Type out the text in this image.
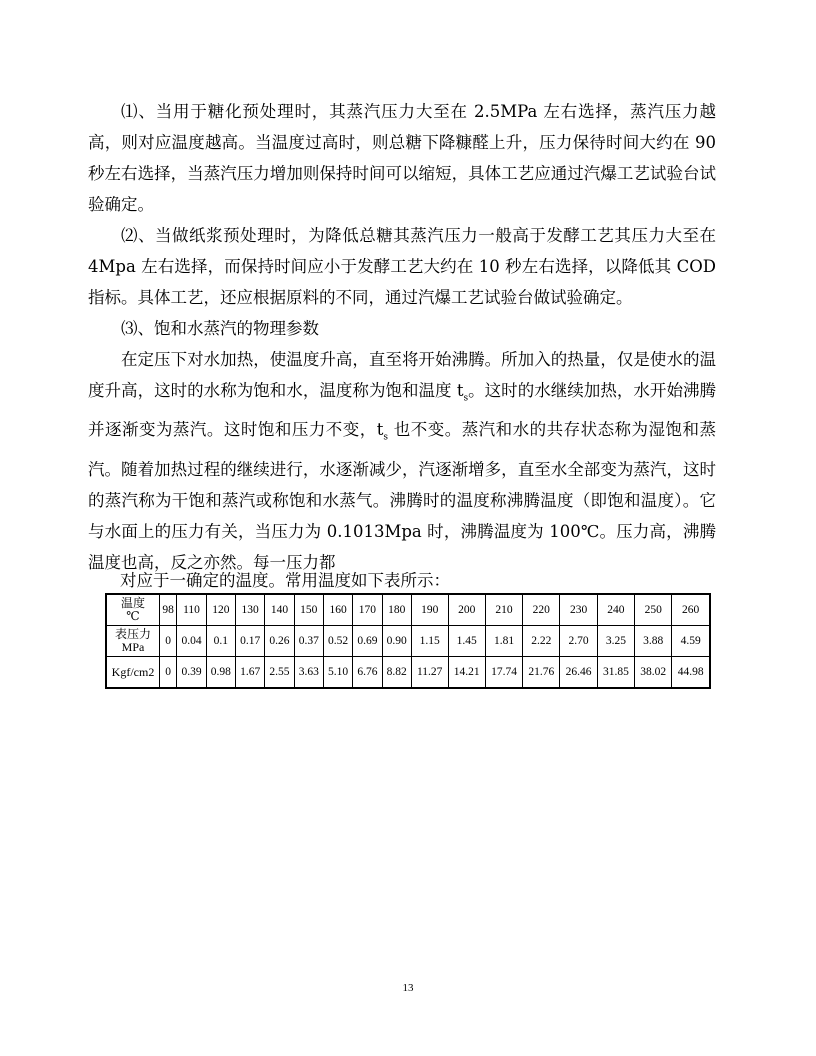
⑴、当用于糖化预处理时，其蒸汽压力大至在 2.5MPa 左右选择，蒸汽压力越高，则对应温度越高。当温度过高时，则总糖下降糠醛上升，压力保待时间大约在 90 秒左右选择，当蒸汽压力增加则保持时间可以缩短，具体工艺应通过汽爆工艺试验台试验确定。

⑵、当做纸浆预处理时，为降低总糖其蒸汽压力一般高于发酵工艺其压力大至在 4Mpa 左右选择，而保持时间应小于发酵工艺大约在 10 秒左右选择，以降低其 COD 指标。具体工艺，还应根据原料的不同，通过汽爆工艺试验台做试验确定。

⑶、饱和水蒸汽的物理参数

在定压下对水加热，使温度升高，直至将开始沸腾。所加入的热量，仅是使水的温度升高，这时的水称为饱和水，温度称为饱和温度 $t_s$。这时的水继续加热，水开始沸腾并逐渐变为蒸汽。这时饱和压力不变，$t_s$ 也不变。蒸汽和水的共存状态称为湿饱和蒸汽。随着加热过程的继续进行，水逐渐减少，汽逐渐增多，直至水全部变为蒸汽，这时的蒸汽称为干饱和蒸汽或称饱和水蒸气。沸腾时的温度称沸腾温度（即饱和温度）。它与水面上的压力有关，当压力为 0.1013Mpa 时，沸腾温度为 100℃。压力高，沸腾温度也高，反之亦然。每一压力都

对应于一确定的温度。常用温度如下表所示：
温度
℃	98	110	120	130	140	150	160	170	180	190	200	210	220	230	240	250	260

表压力
MPa	0	0.04	0.1	0.17	0.26	0.37	0.52	0.69	0.90	1.15	1.45	1.81	2.22	2.70	3.25	3.88	4.59

Kgf/cm2	0	0.39	0.98	1.67	2.55	3.63	5.10	6.76	8.82	11.27	14.21	17.74	21.76	26.46	31.85	38.02	44.98
13
